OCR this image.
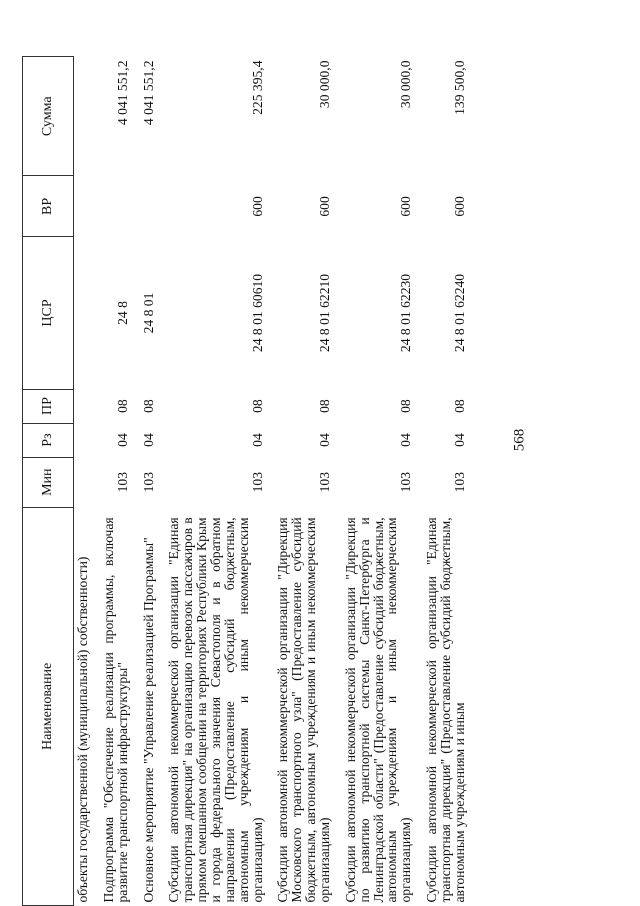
568
Наименование	Мин	Рз	ПР	ЦСР	ВР	Сумма
объекты государственной (муниципальной) собственности)						
Подпрограмма "Обеспечение реализации программы, включая развитие транспортной инфраструктуры"	103	04	08	24 8		4 041 551,2
Основное мероприятие "Управление реализацией Программы"	103	04	08	24 8 01		4 041 551,2
Субсидии автономной некоммерческой организации "Единая транспортная дирекция" на организацию перевозок пассажиров в прямом смешанном сообщении на территориях Республики Крым и города федерального значения Севастополя и в обратном направлении (Предоставление субсидий бюджетным, автономным учреждениям и иным некоммерческим организациям)	103	04	08	24 8 01 60610	600	225 395,4
Субсидии автономной некоммерческой организации "Дирекция Московского транспортного узла" (Предоставление субсидий бюджетным, автономным учреждениям и иным некоммерческим организациям)	103	04	08	24 8 01 62210	600	30 000,0
Субсидии автономной некоммерческой организации "Дирекция по развитию транспортной системы Санкт-Петербурга и Ленинградской области" (Предоставление субсидий бюджетным, автономным учреждениям и иным некоммерческим организациям)	103	04	08	24 8 01 62230	600	30 000,0
Субсидии автономной некоммерческой организации "Единая транспортная дирекция" (Предоставление субсидий бюджетным, автономным учреждениям и иным	103	04	08	24 8 01 62240	600	139 500,0
